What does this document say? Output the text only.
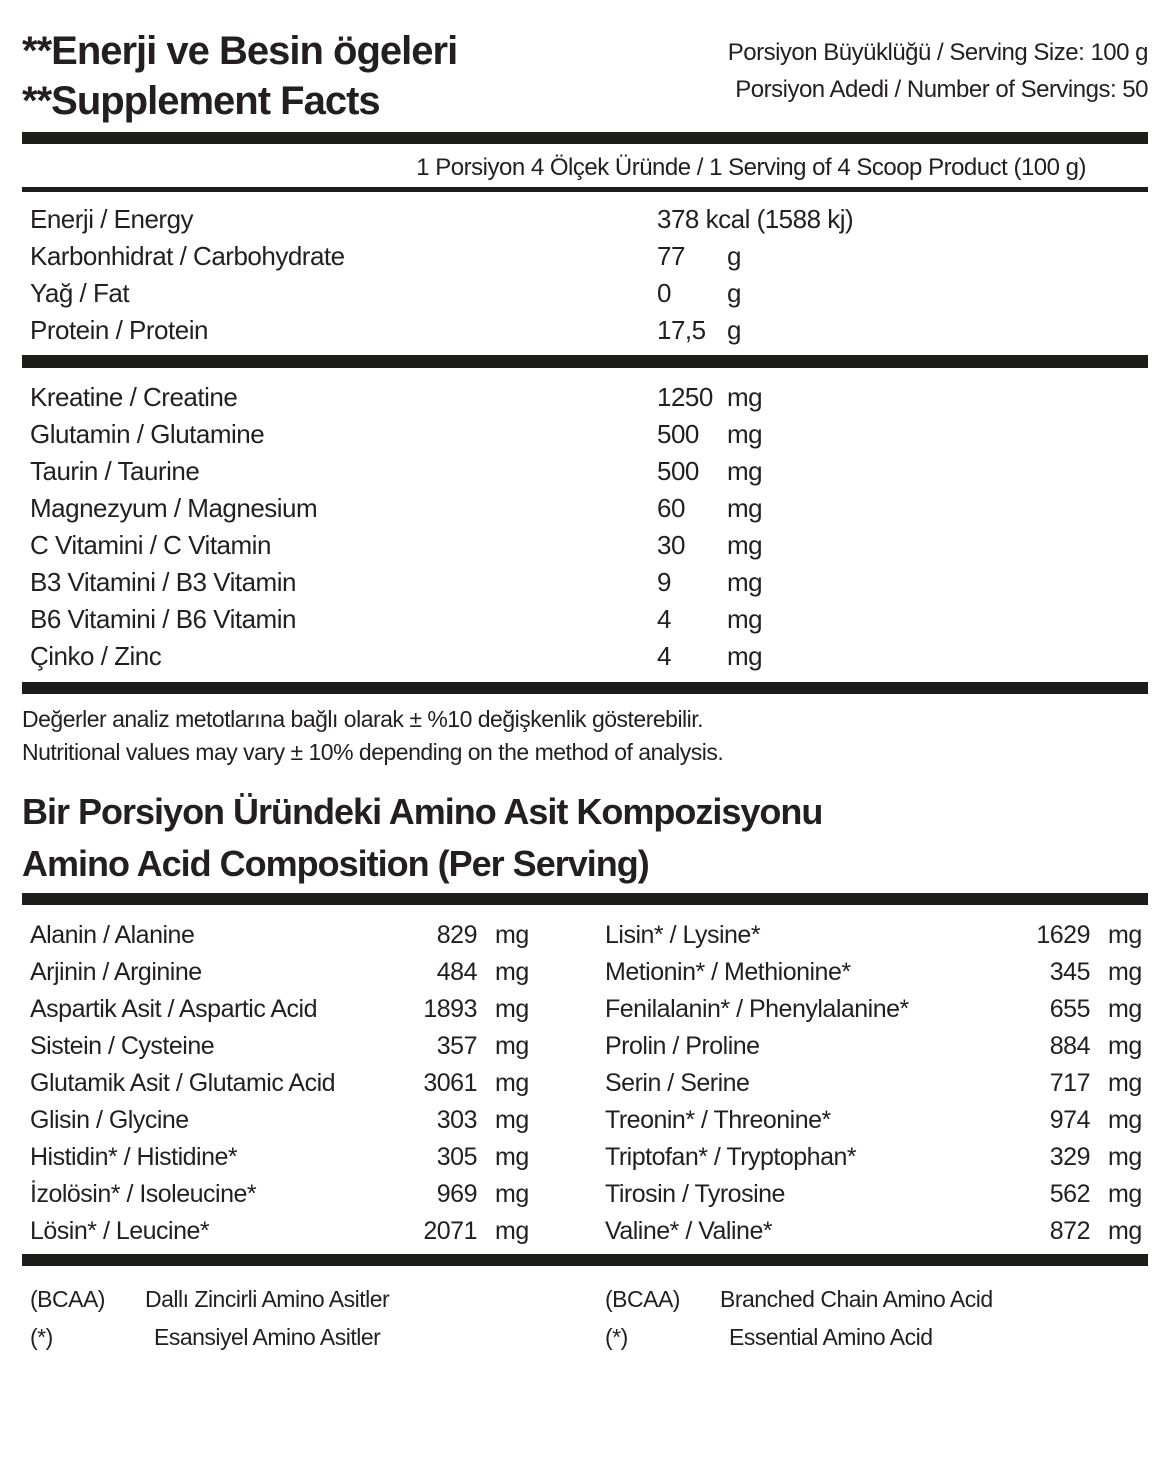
**Enerji ve Besin ögeleri
**Supplement Facts
Porsiyon Büyüklüğü / Serving Size: 100 g
Porsiyon Adedi / Number of Servings: 50
1 Porsiyon 4 Ölçek Üründe / 1 Serving of 4 Scoop Product (100 g)
Enerji / Energy	378 kcal (1588 kj)
Karbonhidrat / Carbohydrate	77	g
Yağ / Fat	0	g
Protein / Protein	17,5 g
Kreatine / Creatine	1250 mg
Glutamin / Glutamine	500	mg
Taurin / Taurine	500	mg
Magnezyum / Magnesium	60	mg
C Vitamini / C Vitamin	30	mg
B3 Vitamini / B3 Vitamin	9	mg
B6 Vitamini / B6 Vitamin	4	mg
Çinko / Zinc	4	mg
Değerler analiz metotlarına bağlı olarak ± %10 değişkenlik gösterebilir.
Nutritional values may vary ± 10% depending on the method of analysis.
Bir Porsiyon Üründeki Amino Asit Kompozisyonu
Amino Acid Composition (Per Serving)
Alanin / Alanine	829 mg
Arjinin / Arginine	484 mg
Aspartik Asit / Aspartic Acid	1893 mg
Sistein / Cysteine	357 mg
Glutamik Asit / Glutamic Acid	3061 mg
Glisin / Glycine	303 mg
Histidin* / Histidine*	305 mg
İzolösin* / Isoleucine*	969 mg
Lösin* / Leucine*	2071 mg
Lisin* / Lysine*	1629 mg
Metionin* / Methionine*	345 mg
Fenilalanin* / Phenylalanine*	655 mg
Prolin / Proline	884 mg
Serin / Serine	717 mg
Treonin* / Threonine*	974 mg
Triptofan* / Tryptophan*	329 mg
Tirosin / Tyrosine	562 mg
Valine* / Valine*	872 mg
(BCAA)	Dallı Zincirli Amino Asitler
(*)	Esansiyel Amino Asitler
(BCAA)	Branched Chain Amino Acid
(*)	Essential Amino Acid
